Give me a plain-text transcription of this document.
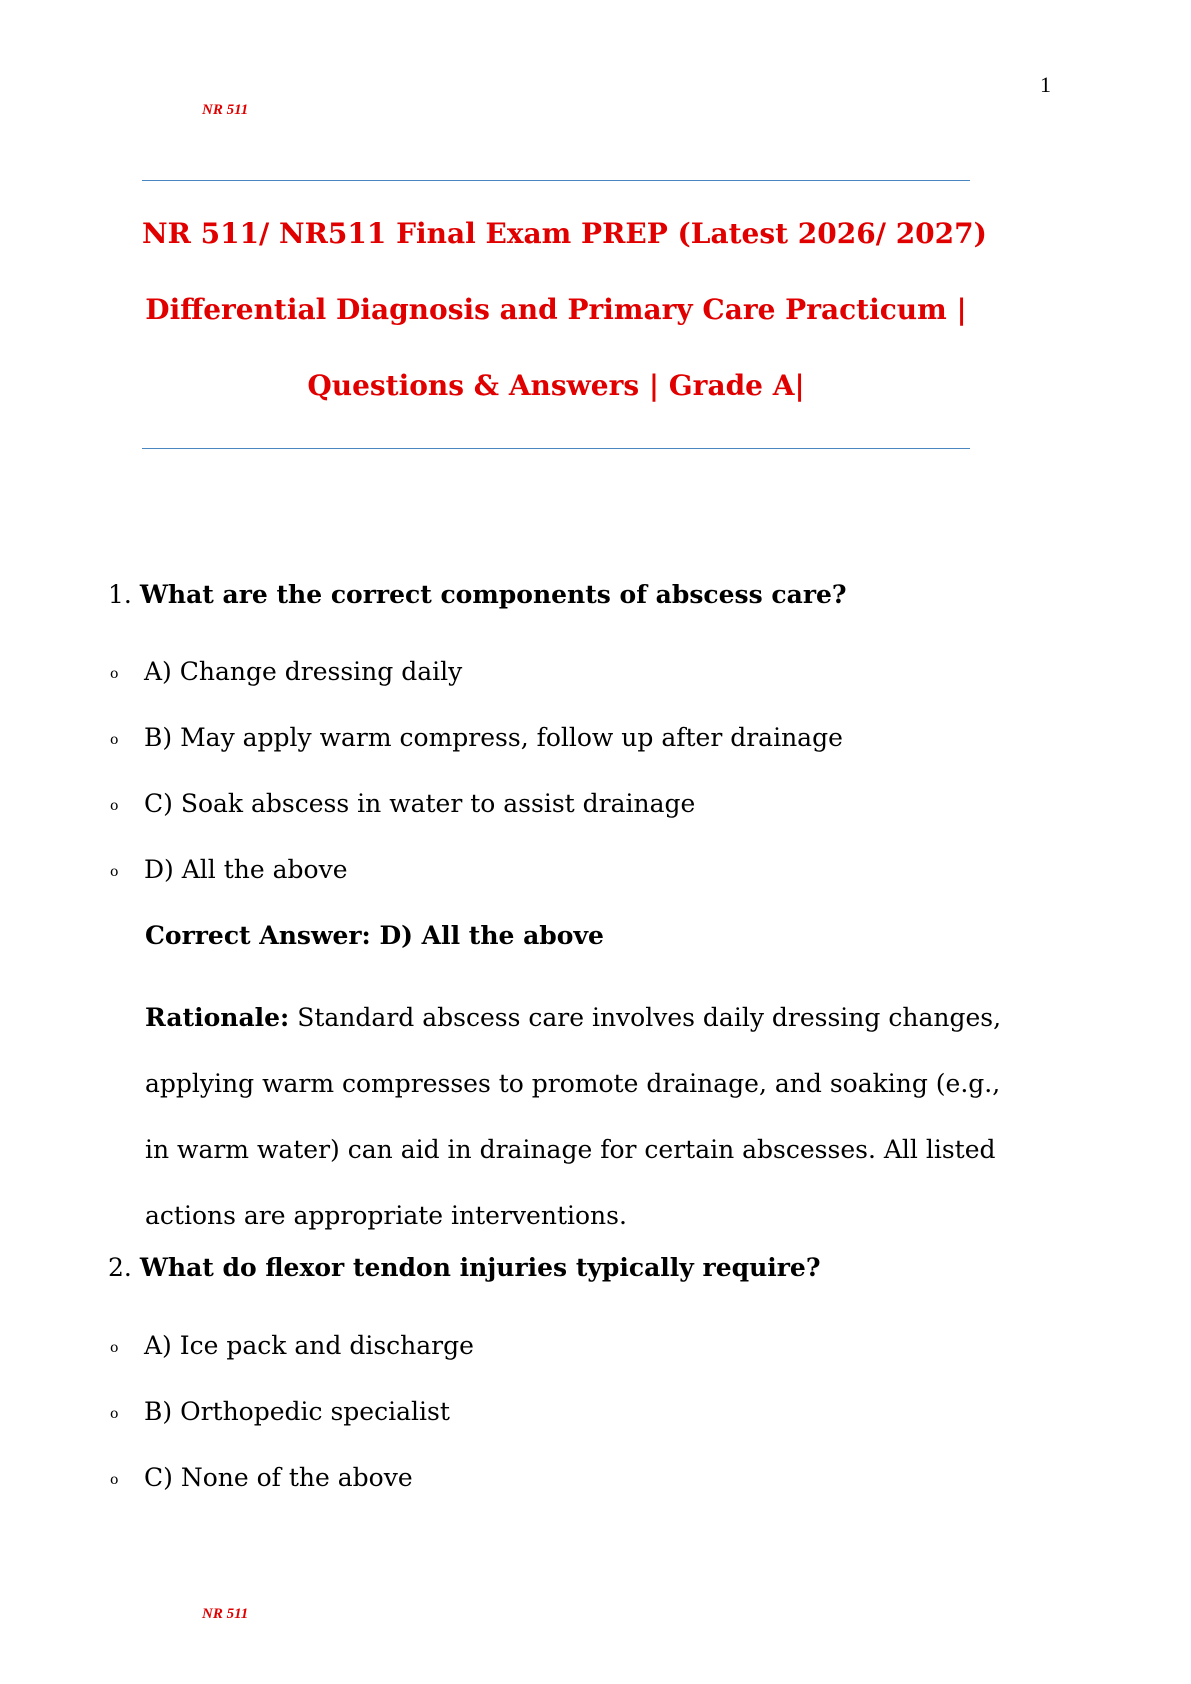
1
NR 511
NR 511/ NR511 Final Exam PREP (Latest 2026/ 2027)
Differential Diagnosis and Primary Care Practicum |
Questions & Answers | Grade A|
1. What are the correct components of abscess care?
o A) Change dressing daily
o B) May apply warm compress, follow up after drainage
o C) Soak abscess in water to assist drainage
o D) All the above
Correct Answer: D) All the above
Rationale: Standard abscess care involves daily dressing changes, applying warm compresses to promote drainage, and soaking (e.g., in warm water) can aid in drainage for certain abscesses. All listed actions are appropriate interventions.
2. What do flexor tendon injuries typically require?
o A) Ice pack and discharge
o B) Orthopedic specialist
o C) None of the above
NR 511
